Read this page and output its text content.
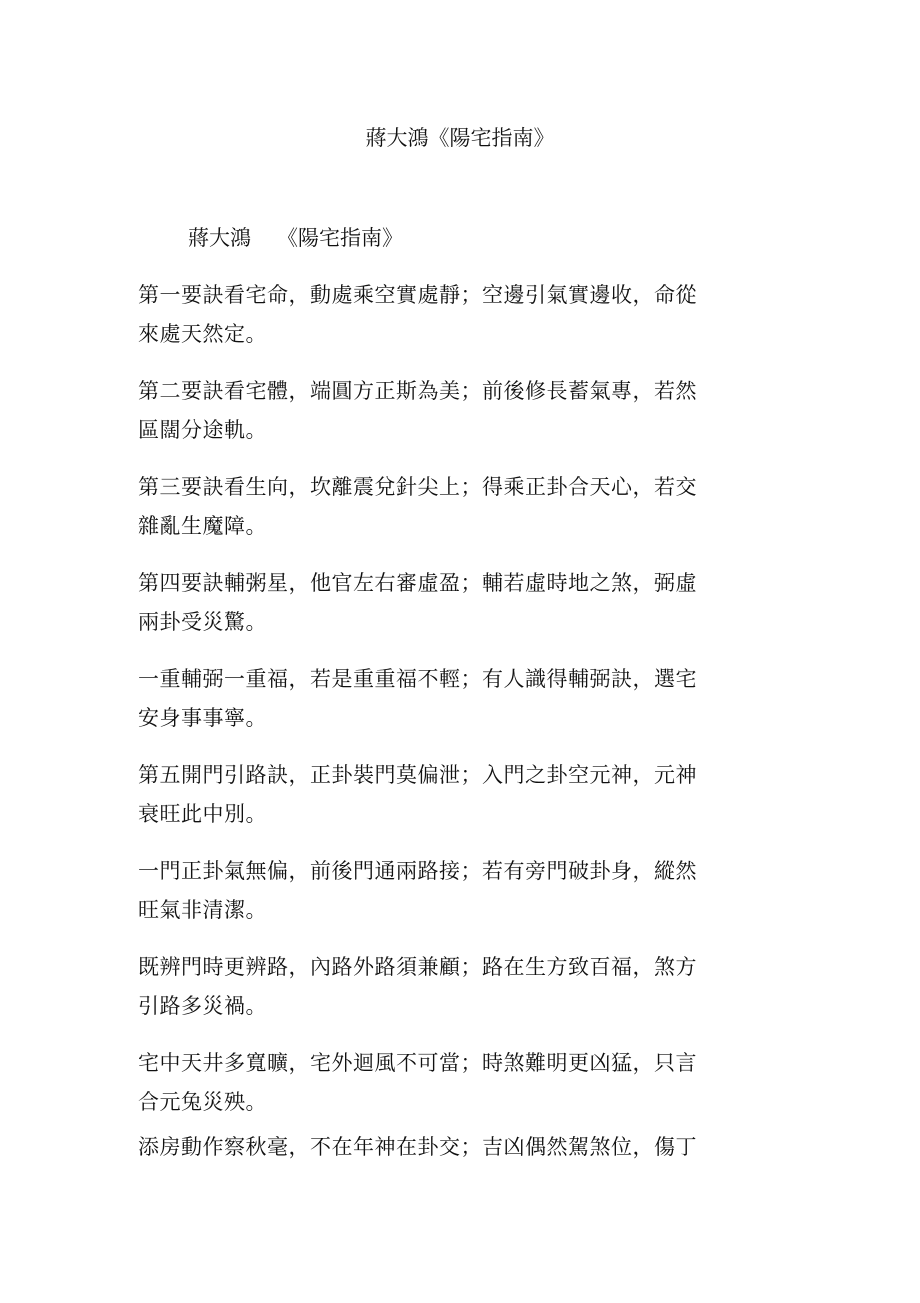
蔣大鴻《陽宅指南》
蔣大鴻 《陽宅指南》

第一要訣看宅命，動處乘空實處靜；空邊引氣實邊收，命從來處天然定。

第二要訣看宅體，端圓方正斯為美；前後修長蓄氣專，若然區闊分途軌。

第三要訣看生向，坎離震兌針尖上；得乘正卦合天心，若交雜亂生魔障。

第四要訣輔粥星，他官左右審虛盈；輔若虛時地之煞，弼虛兩卦受災驚。

一重輔弼一重福，若是重重福不輕；有人識得輔弼訣，選宅安身事事寧。

第五開門引路訣，正卦裝門莫偏泄；入門之卦空元神，元神衰旺此中別。

一門正卦氣無偏，前後門通兩路接；若有旁門破卦身，縱然旺氣非清潔。

既辨門時更辨路，內路外路須兼顧；路在生方致百福，煞方引路多災禍。

宅中天井多寬曠，宅外迴風不可當；時煞難明更凶猛，只言合元兔災殃。

添房動作察秋毫，不在年神在卦交；吉凶偶然駕煞位，傷丁
